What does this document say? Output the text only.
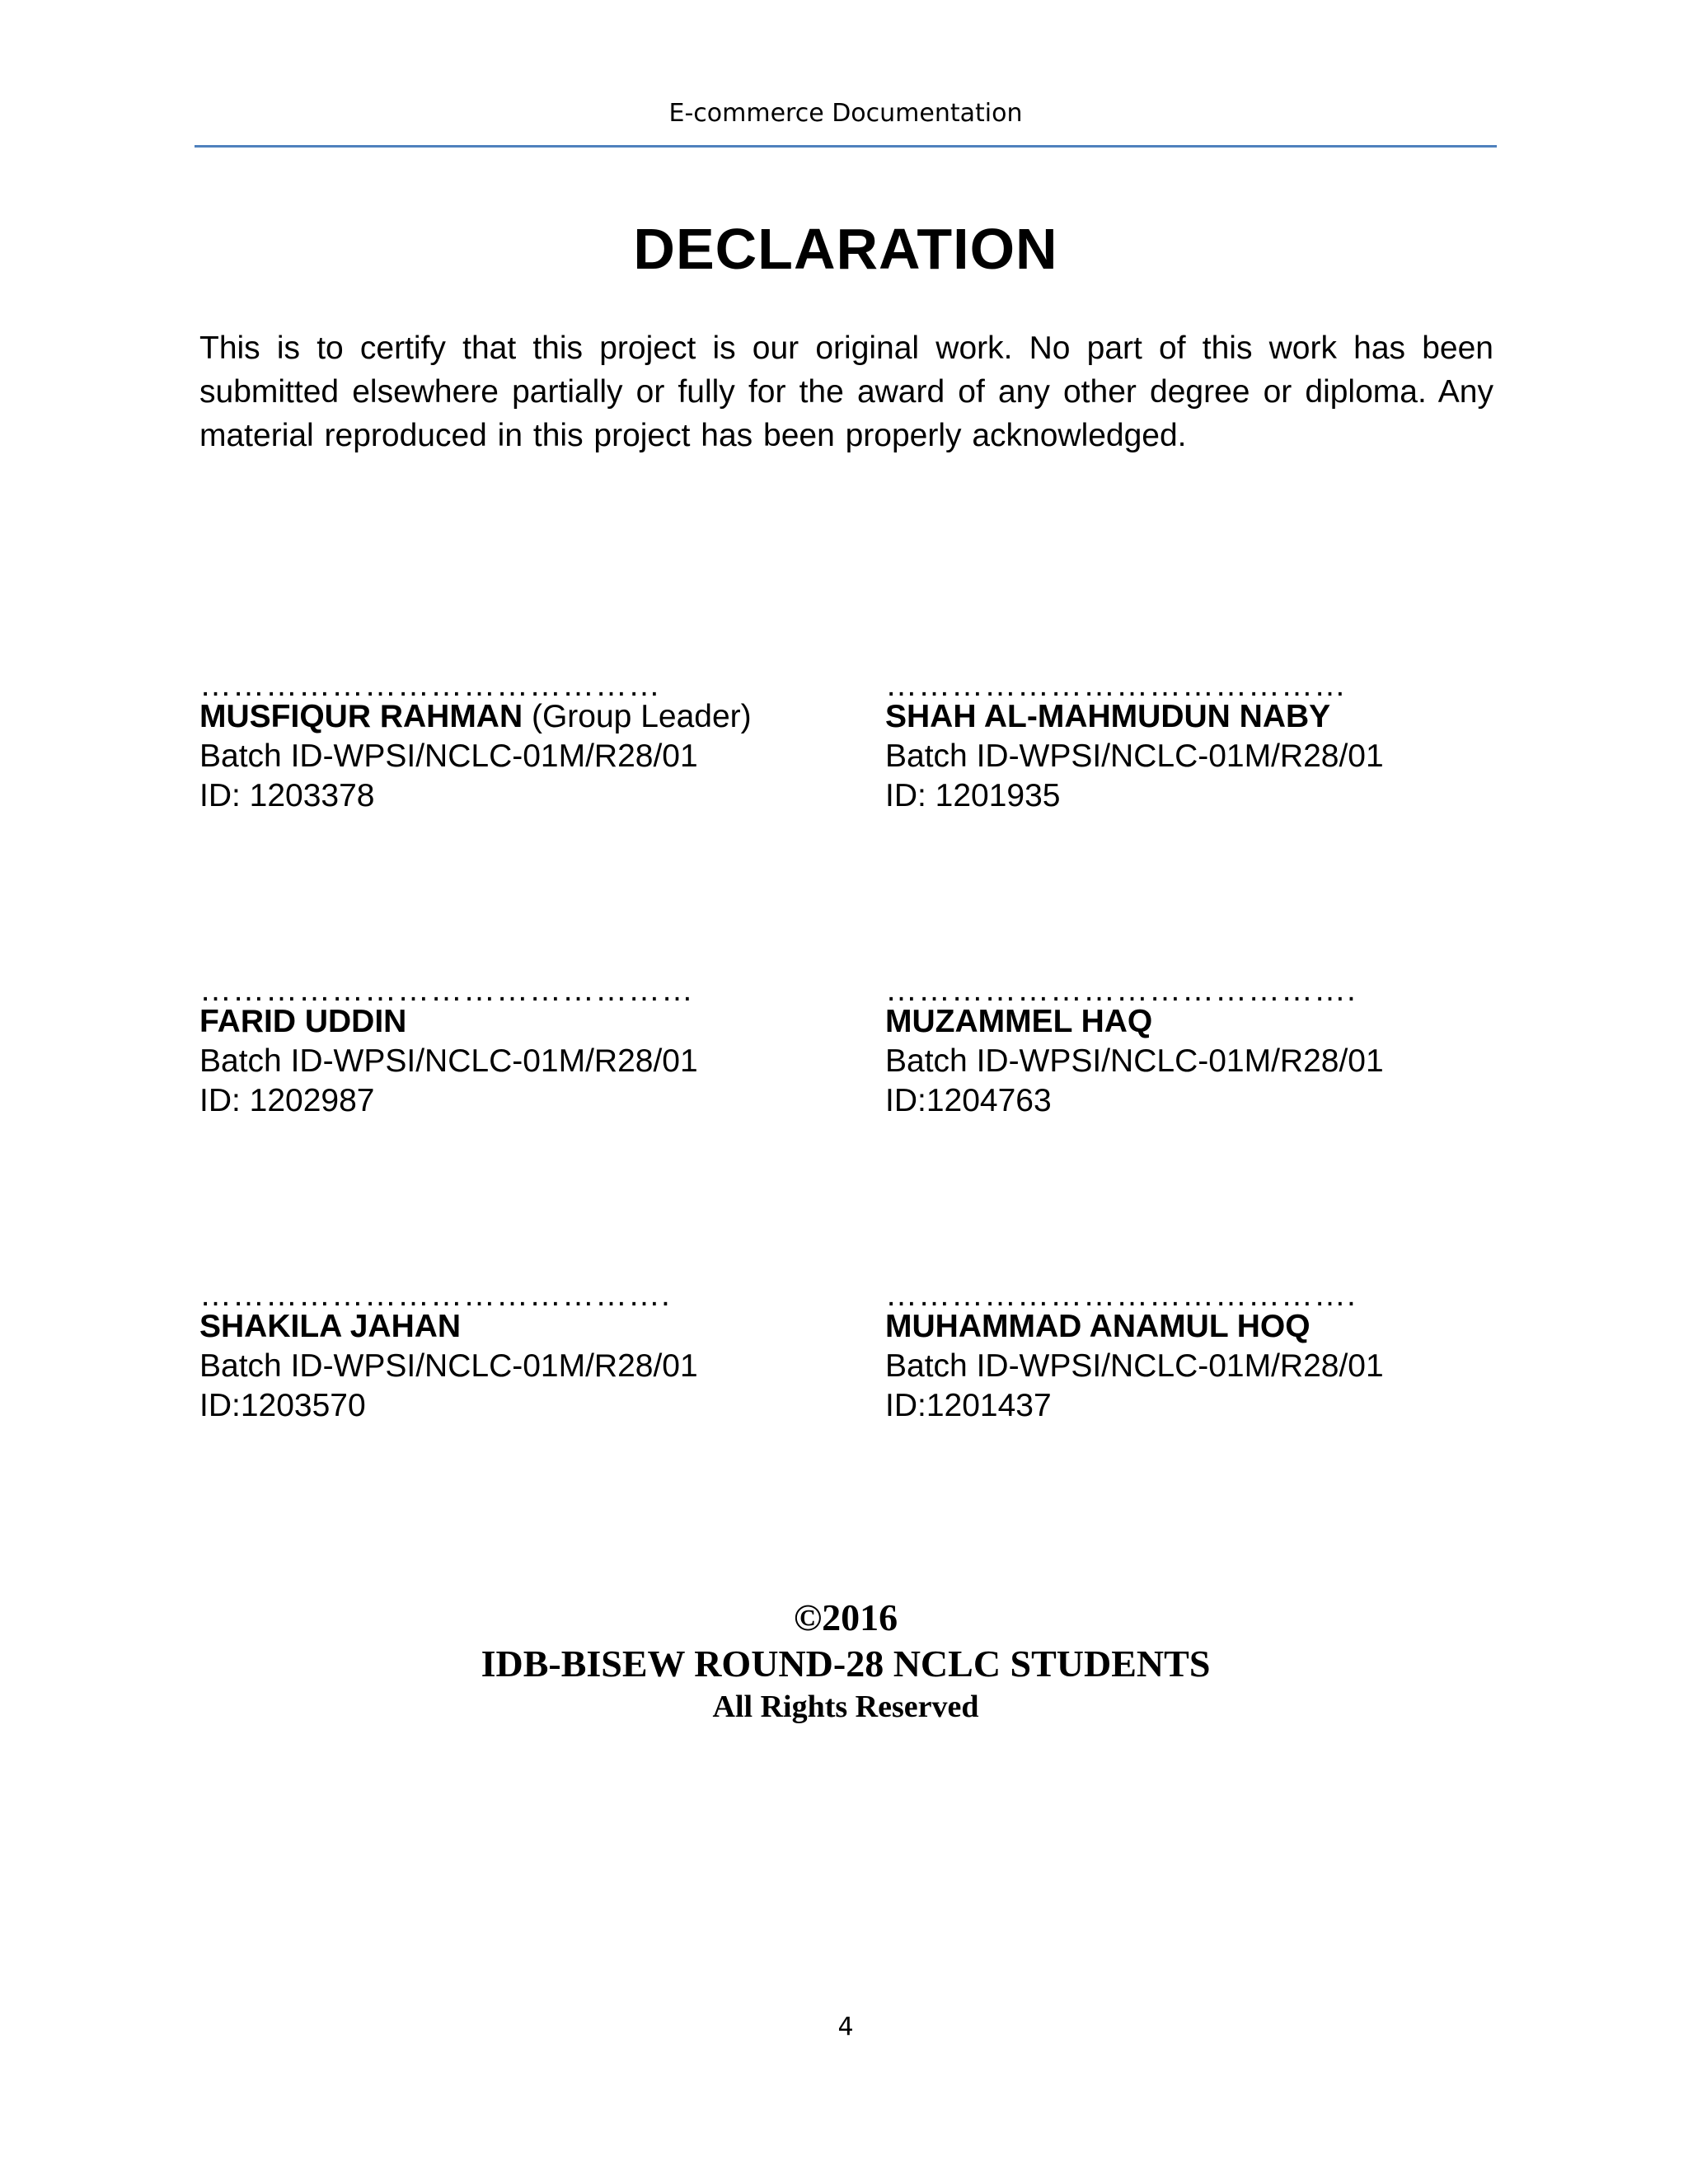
E-commerce Documentation
DECLARATION
This is to certify that this project is our original work. No part of this work has been submitted elsewhere partially or fully for the award of any other degree or diploma. Any material reproduced in this project has been properly acknowledged.
……………………………………
MUSFIQUR RAHMAN (Group Leader)
Batch ID-WPSI/NCLC-01M/R28/01
ID: 1203378
……………………………………
SHAH AL-MAHMUDUN NABY
Batch ID-WPSI/NCLC-01M/R28/01
ID: 1201935
………………………………………
FARID UDDIN
Batch ID-WPSI/NCLC-01M/R28/01
ID: 1202987
…………………………………….
MUZAMMEL HAQ
Batch ID-WPSI/NCLC-01M/R28/01
ID:1204763
…………………………………….
SHAKILA JAHAN
Batch ID-WPSI/NCLC-01M/R28/01
ID:1203570
…………………………………….
MUHAMMAD ANAMUL HOQ
Batch ID-WPSI/NCLC-01M/R28/01
ID:1201437
©2016
IDB-BISEW ROUND-28 NCLC STUDENTS
All Rights Reserved
4
